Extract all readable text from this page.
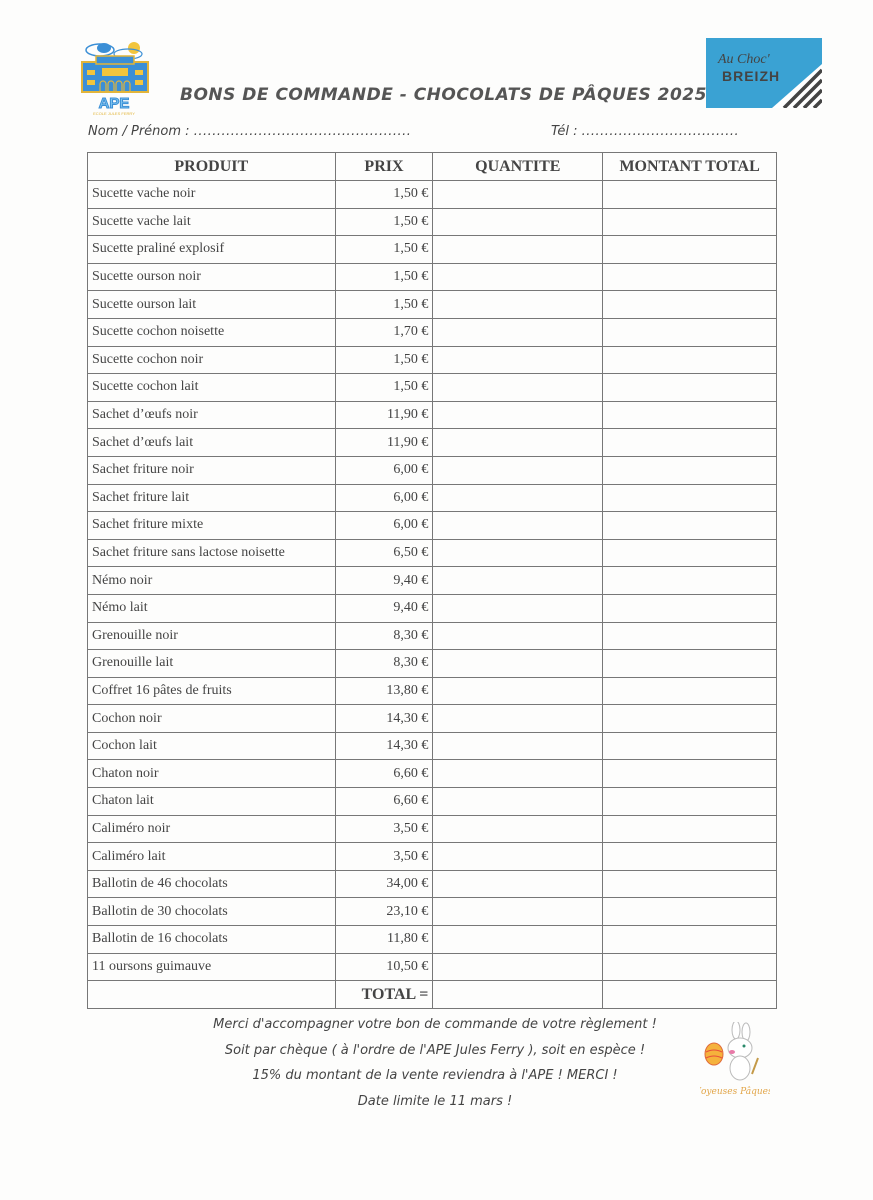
APE
ECOLE JULES FERRY
Au Choc'
BREIZH
BONS DE COMMANDE - CHOCOLATS DE PÂQUES 2025
Nom / Prénom : ...............................................	Tél : ..................................
PRODUIT	PRIX	QUANTITE	MONTANT TOTAL
Sucette vache noir	1,50 €		
Sucette vache lait	1,50 €		
Sucette praliné explosif	1,50 €		
Sucette ourson noir	1,50 €		
Sucette ourson lait	1,50 €		
Sucette cochon noisette	1,70 €		
Sucette cochon noir	1,50 €		
Sucette cochon lait	1,50 €		
Sachet d’œufs noir	11,90 €		
Sachet d’œufs lait	11,90 €		
Sachet friture noir	6,00 €		
Sachet friture lait	6,00 €		
Sachet friture mixte	6,00 €		
Sachet friture sans lactose noisette	6,50 €		
Némo noir	9,40 €		
Némo lait	9,40 €		
Grenouille noir	8,30 €		
Grenouille lait	8,30 €		
Coffret 16 pâtes de fruits	13,80 €		
Cochon noir	14,30 €		
Cochon lait	14,30 €		
Chaton noir	6,60 €		
Chaton lait	6,60 €		
Caliméro noir	3,50 €		
Caliméro lait	3,50 €		
Ballotin de 46 chocolats	34,00 €		
Ballotin de 30 chocolats	23,10 €		
Ballotin de 16 chocolats	11,80 €		
11 oursons guimauve	10,50 €		
	TOTAL =		
Merci d'accompagner votre bon de commande de votre règlement !
Soit par chèque ( à l'ordre de l'APE Jules Ferry ), soit en espèce !
15% du montant de la vente reviendra à l'APE ! MERCI !
Date limite le 11 mars !
Joyeuses Pâques
